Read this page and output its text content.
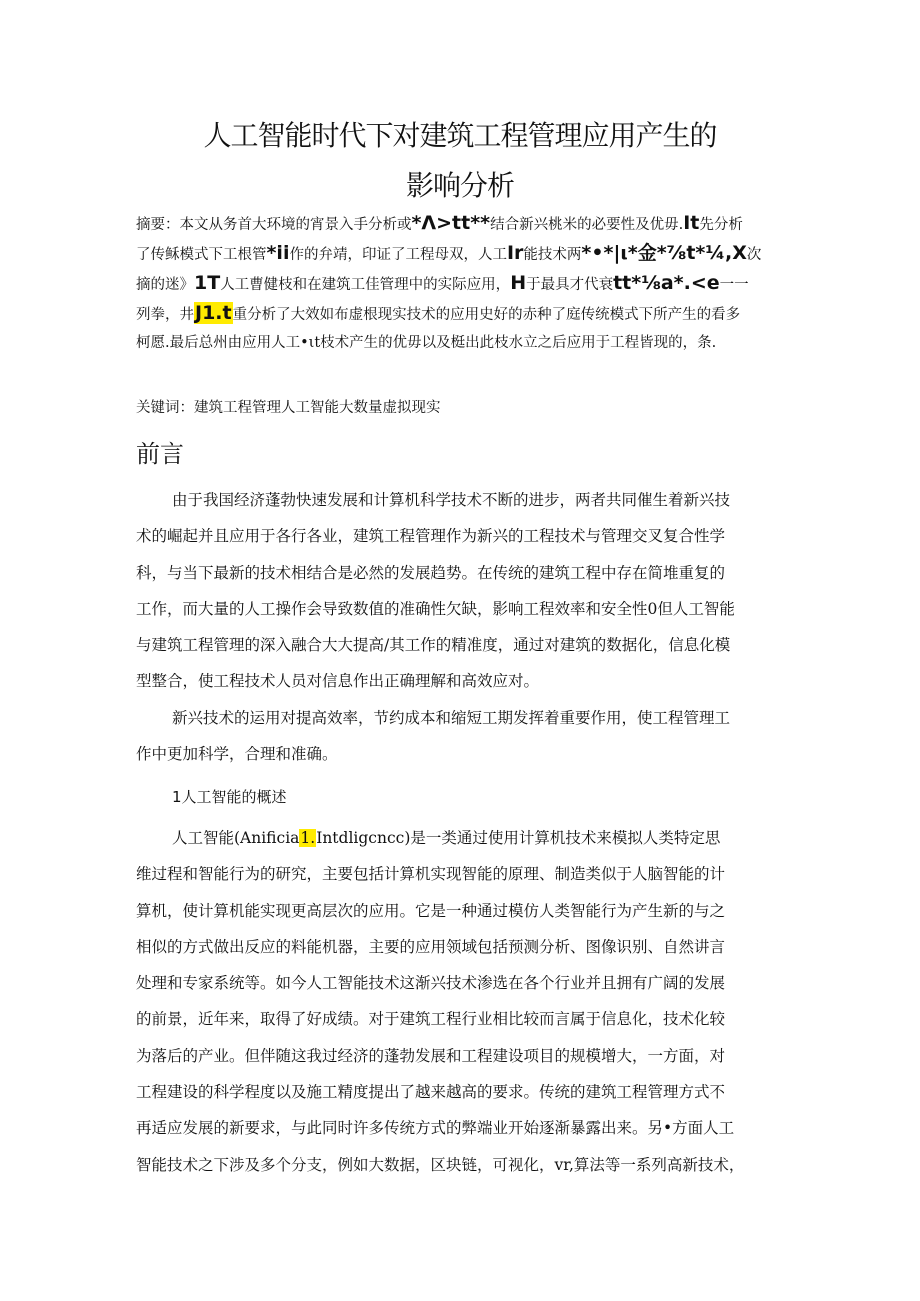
人工智能时代下对建筑工程管理应用产生的
影响分析
摘要：本文从务首大环境的宵景入手分析或*Λ>tt**结合新兴桃米的必要性及优毋.It先分析
了传稣模式下工根管*ii作的弁靖，印证了工程母双，人工Ir能技术两*•*|ι*金*⅞t*¼,X次
摘的迷》1T人工曹健枝和在建筑工佳管理中的实际应用，H于最具才代衰tt*⅛a*.<e一一
列拳，井J1.t重分析了大效如布虚根现实技术的应用史好的赤种了庭传统模式下所产生的看多
柯愿.最后总州由应用人工•ιt枝术产生的优毋以及梃出此枝水立之后应用于工程皆现的，条.
关键词：建筑工程管理人工智能大数量虚拟现实
前言
由于我国经济蓬勃快速发展和计算机科学技术不断的进步，两者共同催生着新兴技
术的崛起并且应用于各行各业，建筑工程管理作为新兴的工程技术与管理交叉复合性学
科，与当下最新的技术相结合是必然的发展趋势。在传统的建筑工程中存在简堆重复的
工作，而大量的人工操作会导致数值的准确性欠缺，影响工程效率和安全性0但人工智能
与建筑工程管理的深入融合大大提高/其工作的精准度，通过对建筑的数据化，信息化模
型整合，使工程技术人员对信息作出正确理解和高效应对。
新兴技术的运用对提高效率，节约成本和缩短工期发挥着重要作用，使工程管理工
作中更加科学，合理和准确。
1人工智能的概述
人工智能(Anificia1.Intdligcncc)是一类通过使用计算机技术来模拟人类特定思
维过程和智能行为的研究，主要包括计算机实现智能的原理、制造类似于人脑智能的计
算机，使计算机能实现更高层次的应用。它是一种通过模仿人类智能行为产生新的与之
相似的方式做出反应的料能机器，主要的应用领域包括预测分析、图像识别、自然讲言
处理和专家系统等。如今人工智能技术这渐兴技术渗选在各个行业并且拥有广阔的发展
的前景，近年来，取得了好成绩。对于建筑工程行业相比较而言属于信息化，技术化较
为落后的产业。但伴随这我过经济的蓬勃发展和工程建设项目的规模增大，一方面，对
工程建设的科学程度以及施工精度提出了越来越高的要求。传统的建筑工程管理方式不
再适应发展的新要求，与此同时许多传统方式的弊端业开始逐渐暴露出来。另•方面人工
智能技术之下涉及多个分支，例如大数据，区块链，可视化，vr,算法等一系列高新技术，
